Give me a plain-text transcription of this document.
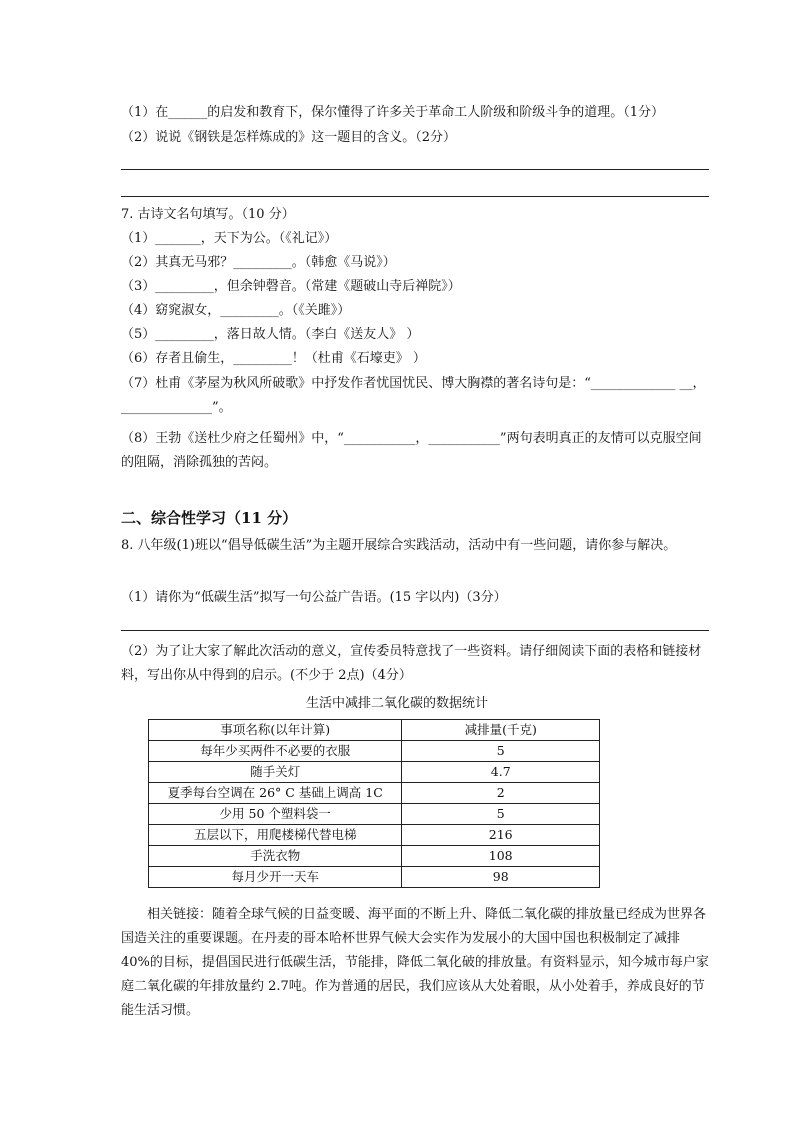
（1）在______的启发和教育下，保尔懂得了许多关于革命工人阶级和阶级斗争的道理。（1分）
（2）说说《钢铁是怎样炼成的》这一题目的含义。（2分）
7. 古诗文名句填写。（10 分）
（1）_______，天下为公。（《礼记》）
（2）其真无马邪？_________。（韩愈《马说》）
（3）_________，但余钟磬音。（常建《题破山寺后禅院》）
（4）窈窕淑女，_________。（《关雎》）
（5）_________，落日故人情。（李白《送友人》 ）
（6）存者且偷生，_________！（杜甫《石壕吏》 ）
（7）杜甫《茅屋为秋风所破歌》中抒发作者忧国忧民、博大胸襟的著名诗句是：“_____________ __，______________”。
（8）王勃《送杜少府之任蜀州》中，“___________，___________”两句表明真正的友情可以克服空间的阻隔，消除孤独的苦闷。
二、综合性学习（11 分）
8. 八年级(1)班以“倡导低碳生活”为主题开展综合实践活动，活动中有一些问题，请你参与解决。
（1）请你为“低碳生活”拟写一句公益广告语。(15 字以内)（3分）
（2）为了让大家了解此次活动的意义，宣传委员特意找了一些资料。请仔细阅读下面的表格和链接材料，写出你从中得到的启示。(不少于 2点)（4分）
生活中减排二氧化碳的数据统计
事项名称(以年计算)	减排量(千克)
每年少买两件不必要的衣服	5
随手关灯	4.7
夏季每台空调在 26° C 基础上调高 1C	2
少用 50 个塑料袋一	5
五层以下，用爬楼梯代替电梯	216
手洗衣物	108
每月少开一天车	98
相关链接：随着全球气候的日益变暖、海平面的不断上升、降低二氧化碳的排放量已经成为世界各国造关注的重要课题。在丹麦的哥本哈杯世界气候大会实作为发展小的大国中国也积极制定了减排 40%的目标，提倡国民进行低碳生活，节能排，降低二氧化破的排放量。有资料显示，知今城市每户家庭二氧化碳的年排放量约 2.7吨。作为普通的居民，我们应该从大处着眼，从小处着手，养成良好的节能生活习惯。
